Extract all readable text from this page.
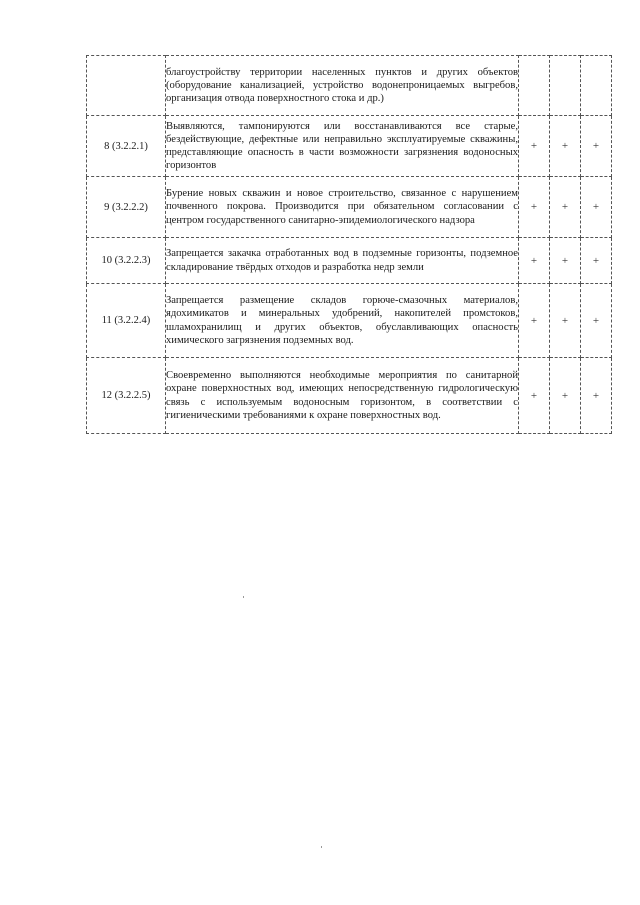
	благоустройству территории населенных пунктов и других объектов (оборудование канализацией, устройство водонепроницаемых выгребов, организация отвода поверхностного стока и др.)			
8 (3.2.2.1)	Выявляются, тампонируются или восстанавливаются все старые, бездействующие, дефектные или неправильно эксплуатируемые скважины, представляющие опасность в части возможности загрязнения водоносных горизонтов	+	+	+
9 (3.2.2.2)	Бурение новых скважин и новое строительство, связанное с нарушением почвенного покрова. Производится при обязательном согласовании с центром государственного санитарно-эпидемиологического надзора	+	+	+
10 (3.2.2.3)	Запрещается закачка отработанных вод в подземные горизонты, подземное складирование твёрдых отходов и разработка недр земли	+	+	+
11 (3.2.2.4)	Запрещается размещение складов горюче-смазочных материалов, ядохимикатов и минеральных удобрений, накопителей промстоков, шламохранилищ и других объектов, обуславливающих опасность химического загрязнения подземных вод.	+	+	+
12 (3.2.2.5)	Своевременно выполняются необходимые мероприятия по санитарной охране поверхностных вод, имеющих непосредственную гидрологическую связь с используемым водоносным горизонтом, в соответствии с гигиеническими требованиями к охране поверхностных вод.	+	+	+
